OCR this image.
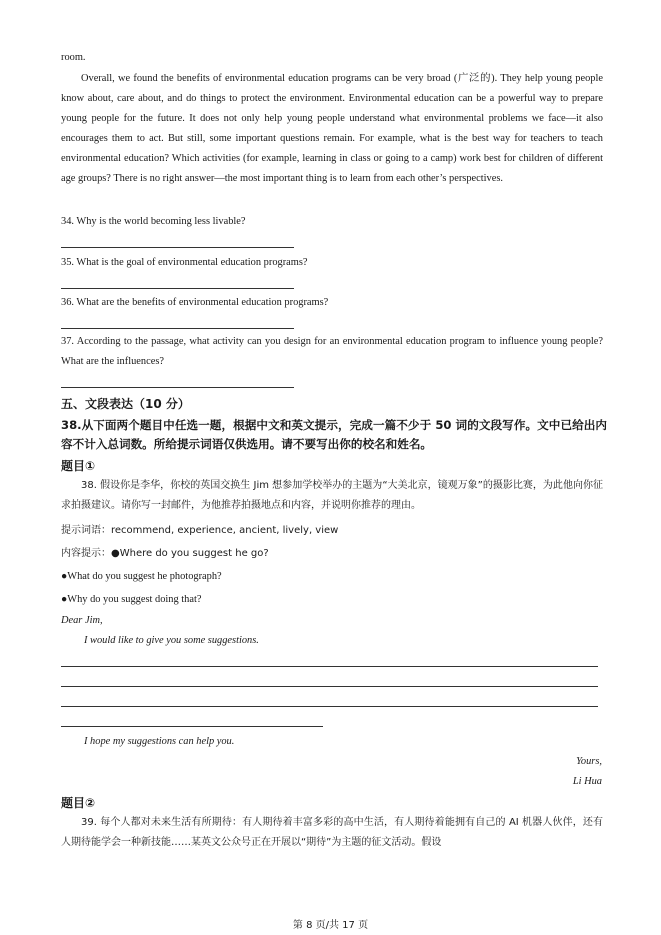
room.
Overall, we found the benefits of environmental education programs can be very broad (广泛的). They help young people know about, care about, and do things to protect the environment. Environmental education can be a powerful way to prepare young people for the future. It does not only help young people understand what environmental problems we face—it also encourages them to act. But still, some important questions remain. For example, what is the best way for teachers to teach environmental education? Which activities (for example, learning in class or going to a camp) work best for children of different age groups? There is no right answer—the most important thing is to learn from each other’s perspectives.
34. Why is the world becoming less livable?
35. What is the goal of environmental education programs?
36. What are the benefits of environmental education programs?
37. According to the passage, what activity can you design for an environmental education program to influence young people? What are the influences?
五、文段表达（10 分）
38.从下面两个题目中任选一题，根据中文和英文提示，完成一篇不少于 50 词的文段写作。文中已给出内容不计入总词数。所给提示词语仅供选用。请不要写出你的校名和姓名。
题目①
38. 假设你是李华，你校的英国交换生 Jim 想参加学校举办的主题为“大美北京，镜观万象”的摄影比赛，为此他向你征求拍摄建议。请你写一封邮件，为他推荐拍摄地点和内容，并说明你推荐的理由。
提示词语：recommend, experience, ancient, lively, view
内容提示：●Where do you suggest he go?
●What do you suggest he photograph?
●Why do you suggest doing that?
Dear Jim,
I would like to give you some suggestions.
I hope my suggestions can help you.
Yours,
Li Hua
题目②
39. 每个人都对未来生活有所期待：有人期待着丰富多彩的高中生活，有人期待着能拥有自己的 AI 机器人伙伴，还有人期待能学会一种新技能……某英文公众号正在开展以“期待”为主题的征文活动。假设
第 8 页/共 17 页
